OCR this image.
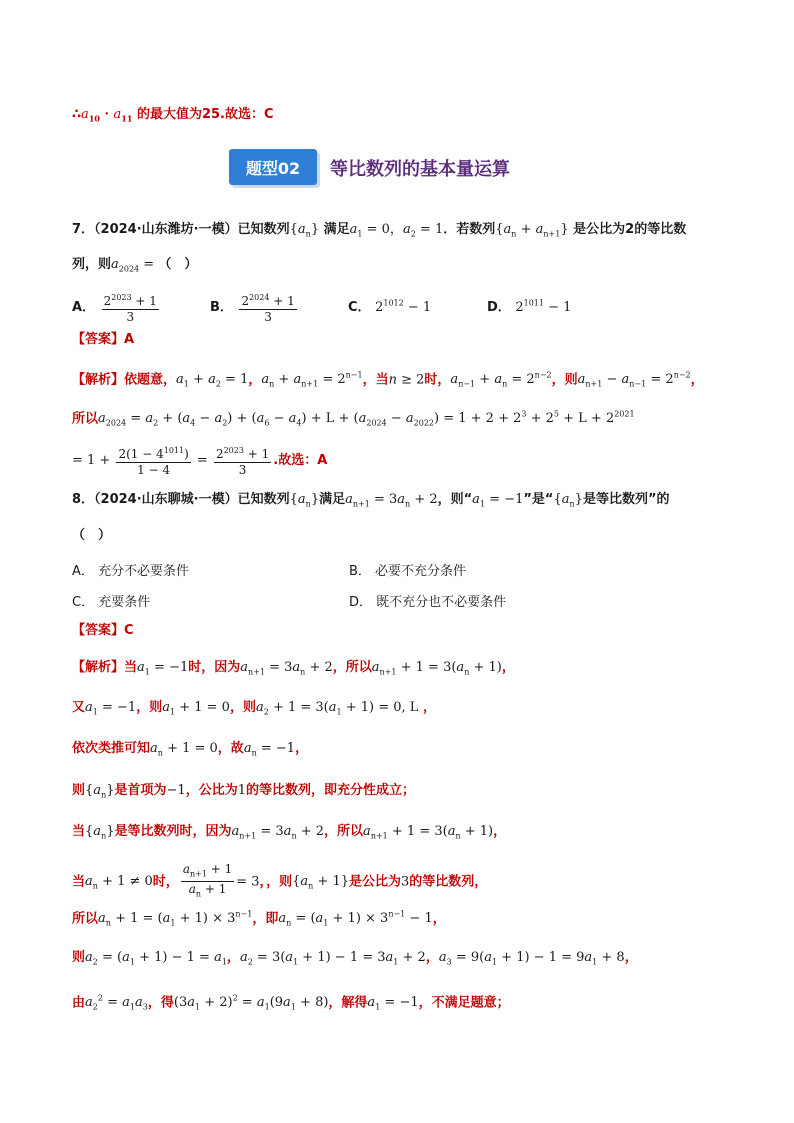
$\therefore a_{10} \cdot a_{11}$ 的最大值为25.故选：C
题型02	等比数列的基本量运算
7．（2024·山东潍坊·一模）已知数列$\{a_n\}$ 满足$a_1 = 0$，$a_2 = 1$．若数列$\{a_n + a_{n+1}\}$ 是公比为2的等比数
列，则$a_{2024}$ = （　）
A． $\frac{2^{2023} + 1}{3}$	B． $\frac{2^{2024} + 1}{3}$	C． $2^{1012} - 1$	D． $2^{1011} - 1$
【答案】A
【解析】依题意，$a_1 + a_2 = 1$，$a_n + a_{n+1} = 2^{n-1}$，当n ≥ 2时，$a_{n-1} + a_n = 2^{n-2}$，则$a_{n+1} - a_{n-1} = 2^{n-2}$，
所以$a_{2024} = a_2 + (a_4 - a_2) + (a_6 - a_4) + L + (a_{2024} - a_{2022}) = 1 + 2 + 2^3 + 2^5 + L + 2^{2021}$
= $1 + \frac{2(1 - 4^{1011})}{1 - 4} = \frac{2^{2023} + 1}{3}$ .故选：A
8．（2024·山东聊城·一模）已知数列$\{a_n\}$满足$a_{n+1} = 3a_n + 2$，则“$a_1 = -1$”是“$\{a_n\}$是等比数列”的
（　）
A． 充分不必要条件	B． 必要不充分条件
C． 充要条件	D． 既不充分也不必要条件
【答案】C
【解析】当$a_1 = -1$时，因为$a_{n+1} = 3a_n + 2$，所以$a_{n+1} + 1 = 3(a_n + 1)$，
又$a_1 = -1$，则$a_1 + 1 = 0$，则$a_2 + 1 = 3(a_1 + 1) = 0$, L ，
依次类推可知$a_n + 1 = 0$，故$a_n = -1$，
则$\{a_n\}$是首项为−1，公比为1的等比数列，即充分性成立；
当$\{a_n\}$是等比数列时，因为$a_{n+1} = 3a_n + 2$，所以$a_{n+1} + 1 = 3(a_n + 1)$，
当$a_n + 1 \ne 0$时， $\frac{a_{n+1} + 1}{a_n + 1} = 3$，，则$\{a_n + 1\}$是公比为3的等比数列，
所以$a_n + 1 = (a_1 + 1) \times 3^{n-1}$，即$a_n = (a_1 + 1) \times 3^{n-1} - 1$，
则$a_2 = (a_1 + 1) - 1 = a_1$，$a_2 = 3(a_1 + 1) - 1 = 3a_1 + 2$，$a_3 = 9(a_1 + 1) - 1 = 9a_1 + 8$，
由$a_2^2 = a_1a_3$，得$(3a_1 + 2)^2 = a_1(9a_1 + 8)$，解得$a_1 = -1$，不满足题意；
